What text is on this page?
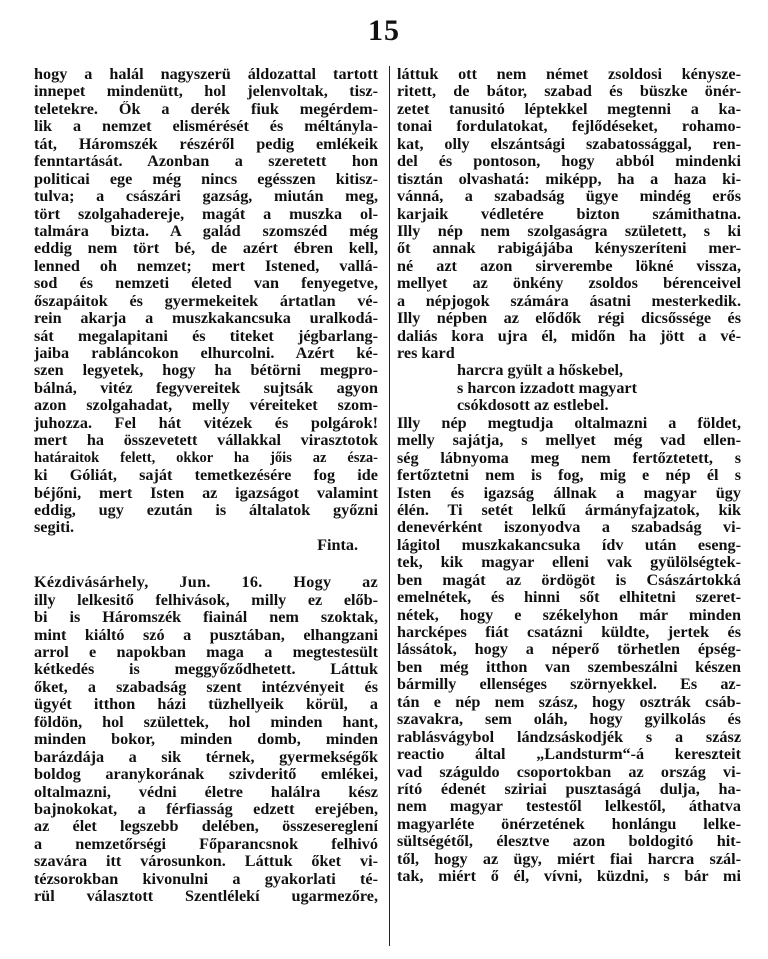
15
hogy a halál nagyszerü áldozattal tartott
innepet mindenütt, hol jelenvoltak, tisz-
teletekre. Ők a derék fiuk megérdem-
lik a nemzet elismérését és méltányla-
tát, Háromszék részéről pedig emlékeik
fenntartását. Azonban a szeretett hon
politicai ege még nincs egésszen kitisz-
tulva; a császári gazság, miután meg,
tört szolgahadereje, magát a muszka ol-
talmára bizta. A galád szomszéd még
eddig nem tört bé, de azért ébren kell,
lenned oh nemzet; mert Istened, vallá-
sod és nemzeti életed van fenyegetve,
őszapáitok és gyermekeitek ártatlan vé-
rein akarja a muszkakancsuka uralkodá-
sát megalapitani és titeket jégbarlang-
jaiba rabláncokon elhurcolni. Azért ké-
szen legyetek, hogy ha bétörni megpro-
bálná, vitéz fegyvereitek sujtsák agyon
azon szolgahadat, melly véreiteket szom-
juhozza. Fel hát vitézek és polgárok!
mert ha összevetett vállakkal virasztotok
határaitok felett, okkor ha jőis az észa-
ki Góliát, saját temetkezésére fog ide
béjőni, mert Isten az igazságot valamint
eddig, ugy ezután is általatok győzni
segiti.
Finta.
Kézdivásárhely, Jun. 16. Hogy az
illy lelkesitő felhivások, milly ez előb-
bi is Háromszék fiainál nem szoktak,
mint kiáltó szó a pusztában, elhangzani
arrol e napokban maga a megtestesült
kétkedés is meggyőződhetett. Láttuk
őket, a szabadság szent intézvényeit és
ügyét itthon házi tüzhellyeik körül, a
földön, hol születtek, hol minden hant,
minden bokor, minden domb, minden
barázdája a sik térnek, gyermekségők
boldog aranykorának szivderitő emlékei,
oltalmazni, védni életre halálra kész
bajnokokat, a férfiasság edzett erejében,
az élet legszebb delében, összesereglení
a nemzetőrségi Főparancsnok felhivó
szavára itt városunkon. Láttuk őket vi-
tézsorokban kivonulni a gyakorlati té-
rül választott Szentlélekí ugarmezőre,
láttuk ott nem német zsoldosi kénysze-
ritett, de bátor, szabad és büszke önér-
zetet tanusitó léptekkel megtenni a ka-
tonai fordulatokat, fejlődéseket, rohamo-
kat, olly elszántsági szabatossággal, ren-
del és pontoson, hogy abból mindenki
tisztán olvashatá: miképp, ha a haza ki-
vánná, a szabadság ügye mindég erős
karjaik védletére bizton számithatna.
Illy nép nem szolgaságra született, s ki
őt annak rabigájába kényszeríteni mer-
né azt azon sirverembe lökné vissza,
mellyet az önkény zsoldos bérenceivel
a népjogok számára ásatni mesterkedik.
Illy népben az elődők régi dicsőssége és
daliás kora ujra él, midőn ha jött a vé-
res kard
harcra gyült a hőskebel,
s harcon izzadott magyart
csókdosott az estlebel.
Illy nép megtudja oltalmazni a földet,
melly sajátja, s mellyet még vad ellen-
ség lábnyoma meg nem fertőztetett, s
fertőztetni nem is fog, mig e nép él s
Isten és igazság állnak a magyar ügy
élén. Ti setét lelkű ármányfajzatok, kik
denevérként iszonyodva a szabadság vi-
lágitol muszkakancsuka ídv után eseng-
tek, kik magyar elleni vak gyülölségtek-
ben magát az ördögöt is Császártokká
emelnétek, és hinni sőt elhitetni szeret-
nétek, hogy e székelyhon már minden
harcképes fiát csatázni küldte, jertek és
lássátok, hogy a néperő törhetlen épség-
ben még itthon van szembeszálni készen
bármilly ellenséges szörnyekkel. Es az-
tán e nép nem szász, hogy osztrák csáb-
szavakra, sem oláh, hogy gyilkolás és
rablásvágybol lándzsáskodjék s a szász
reactio által „Landsturm“-á kereszteit
vad száguldo csoportokban az ország vi-
rító édenét sziriai pusztaságá dulja, ha-
nem magyar testestől lelkestől, áthatva
magyarléte önérzetének honlángu lelke-
sültségétől, élesztve azon boldogitó hit-
től, hogy az ügy, miért fiai harcra szál-
tak, miért ő él, vívni, küzdni, s bár mi
